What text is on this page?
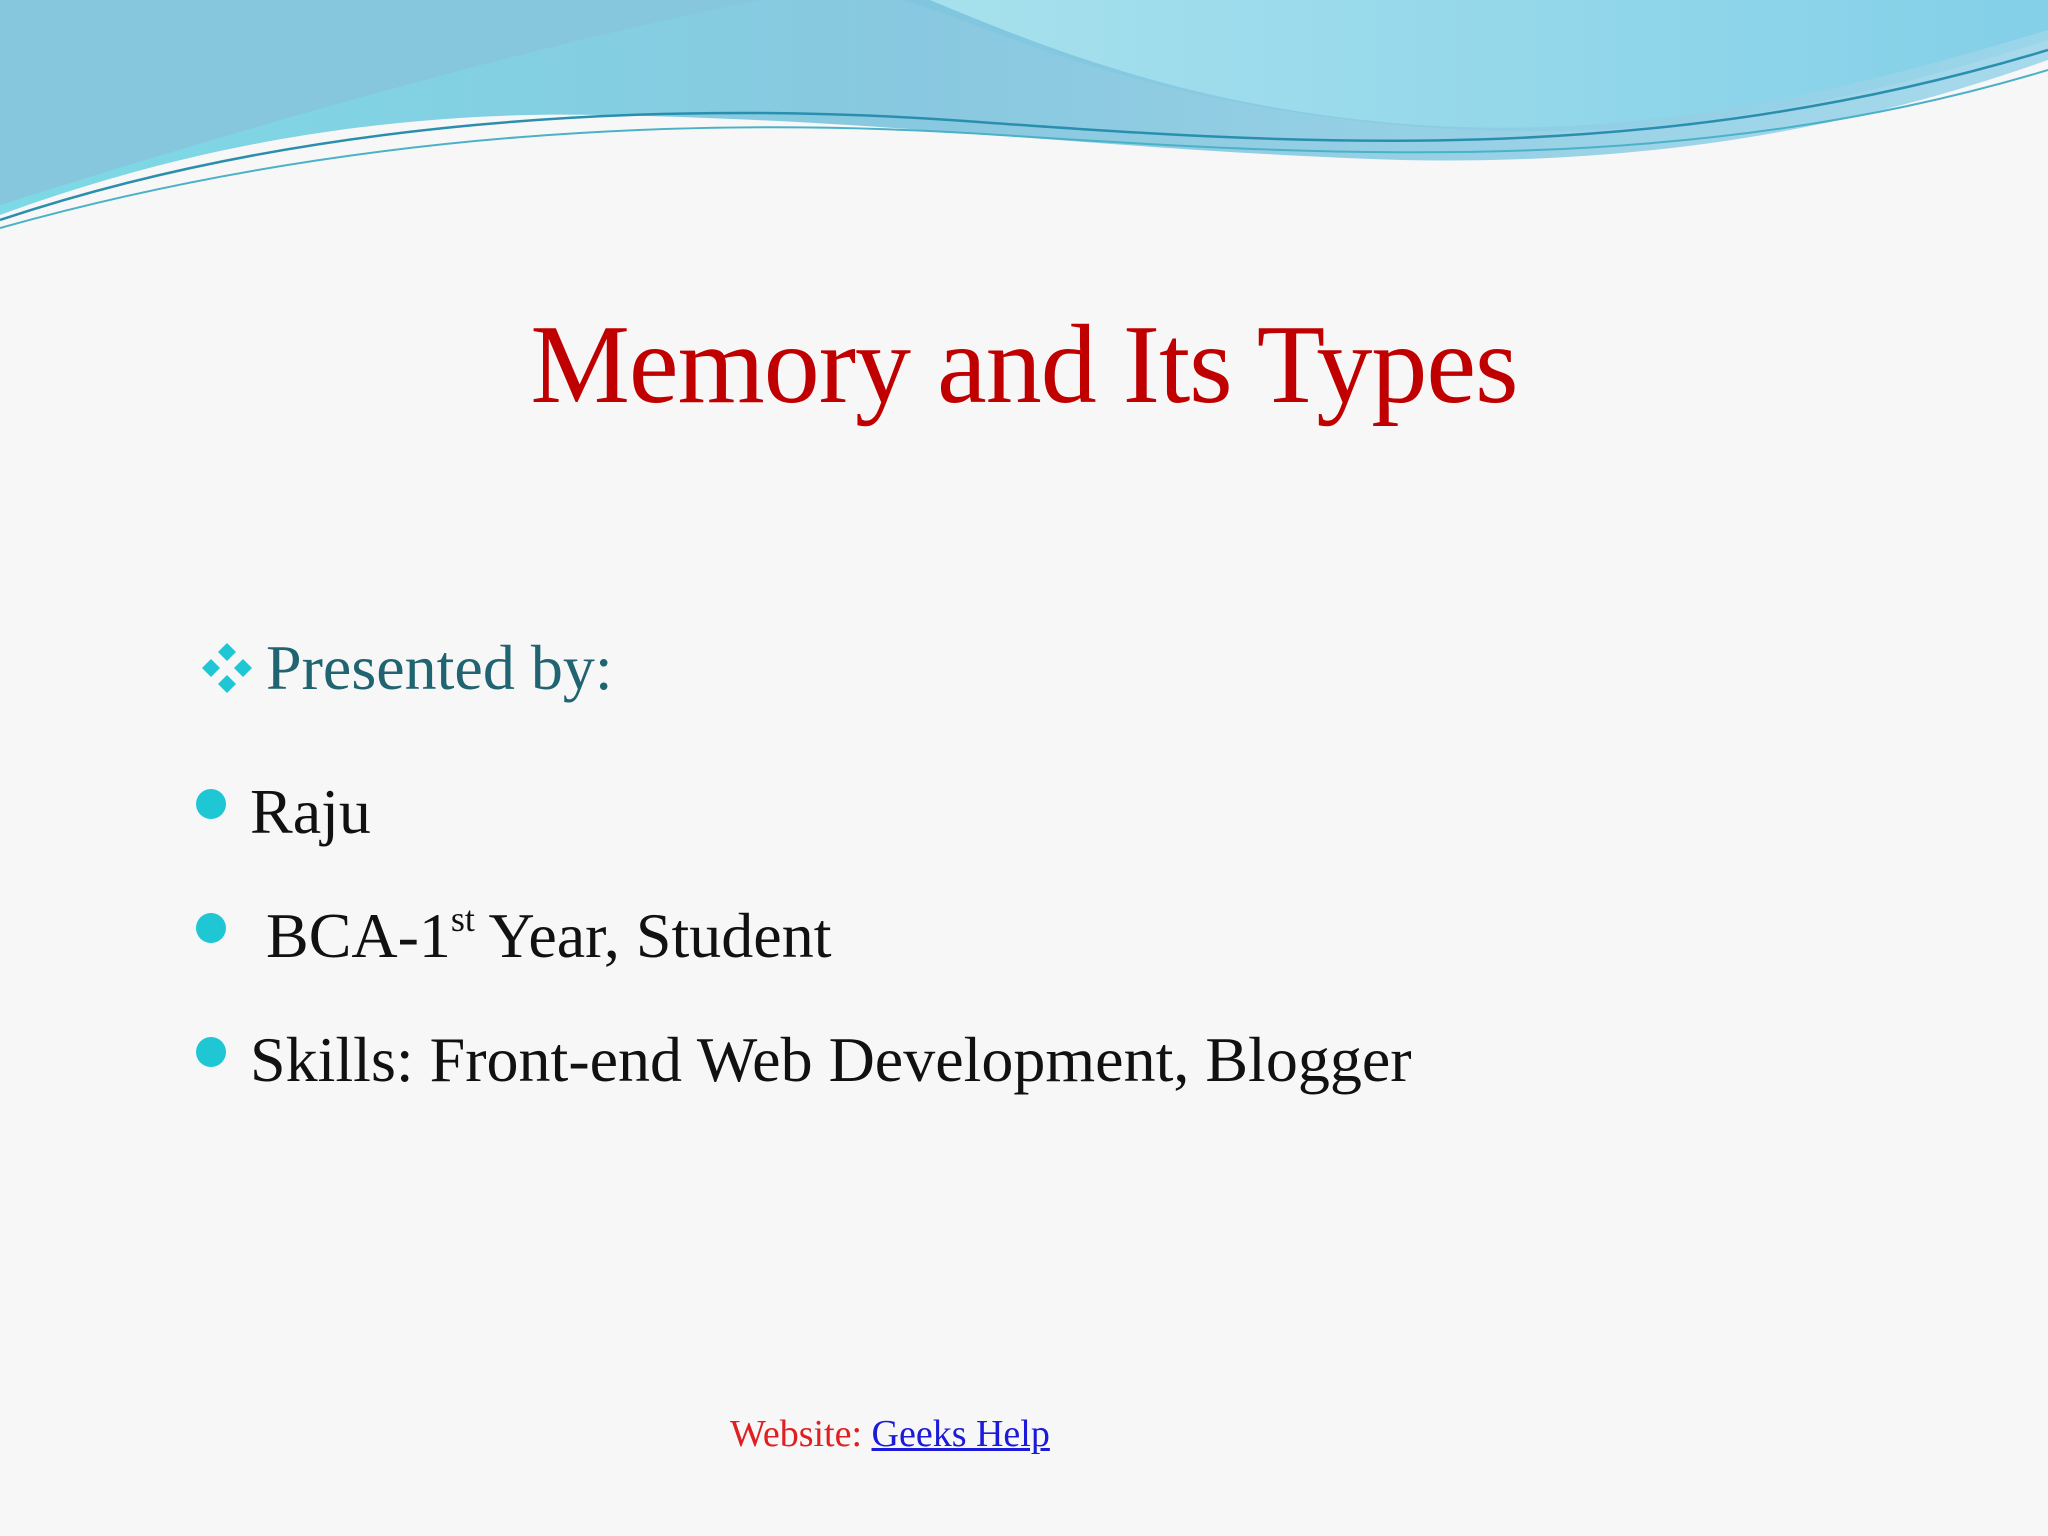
Memory and Its Types
Presented by:
Raju
BCA-1st Year, Student
Skills: Front-end Web Development, Blogger
Website: Geeks Help
